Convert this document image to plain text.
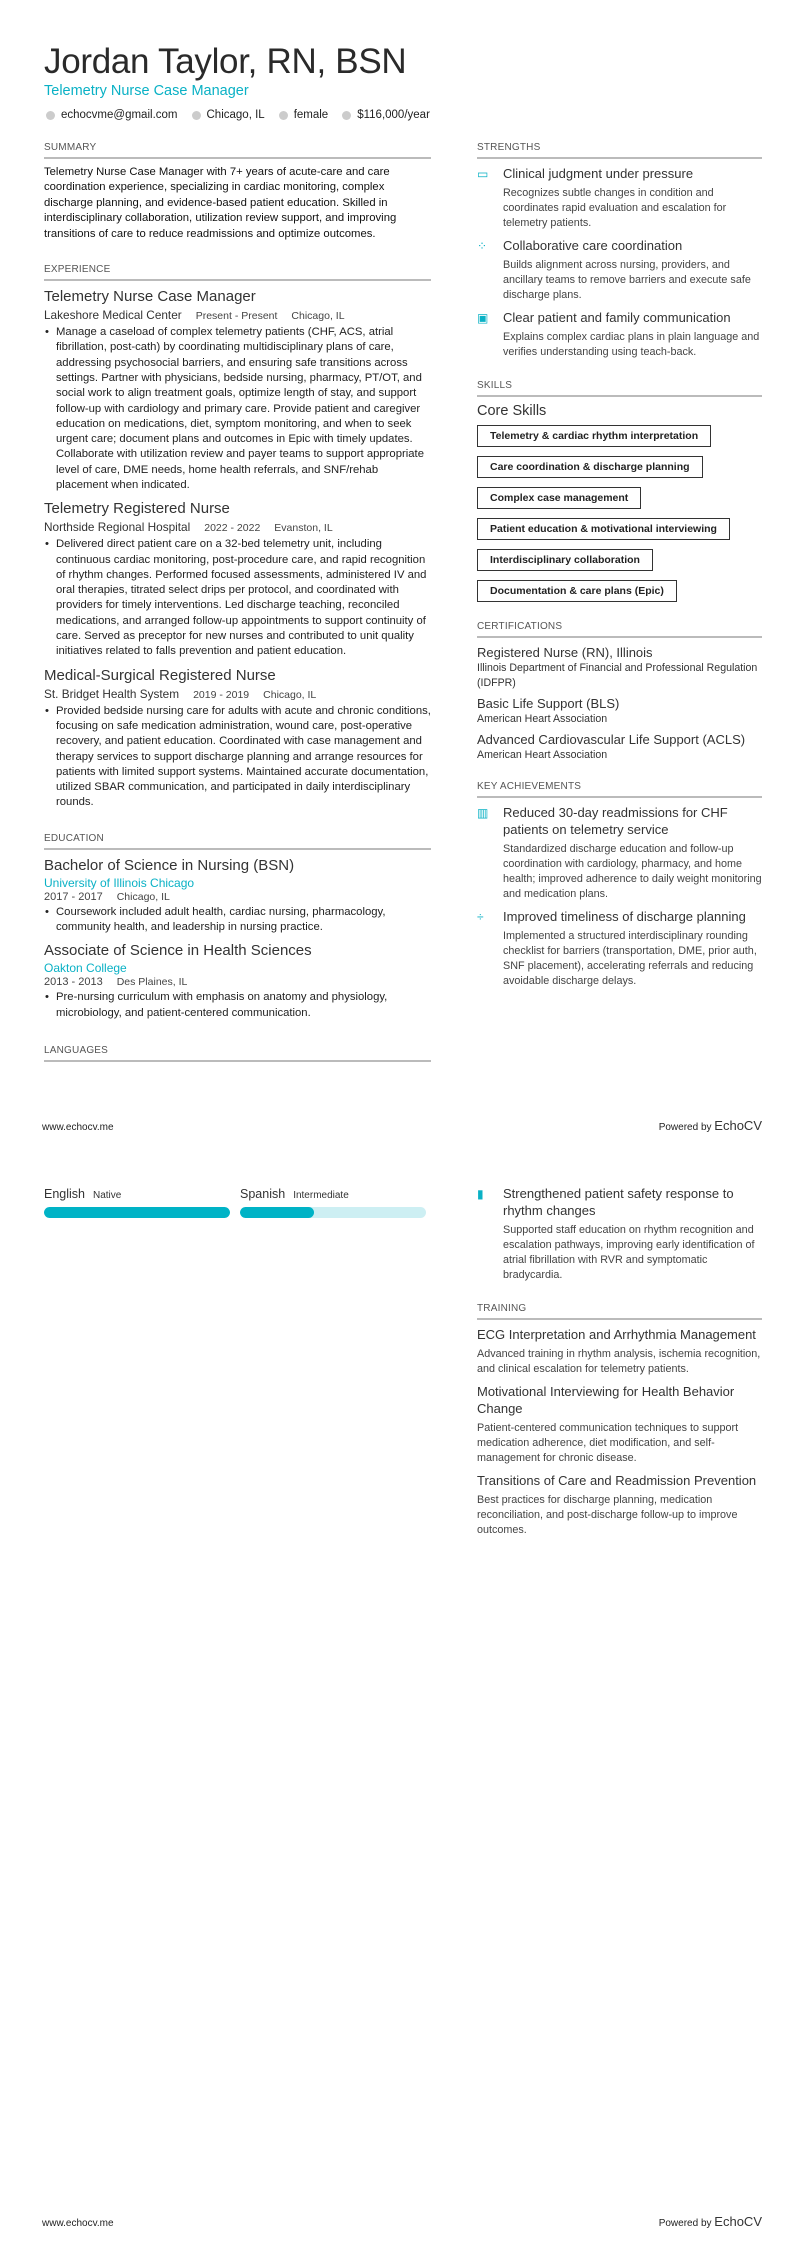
Jordan Taylor, RN, BSN
Telemetry Nurse Case Manager
echocvme@gmail.com	Chicago, IL	female	$116,000/year
SUMMARY

Telemetry Nurse Case Manager with 7+ years of acute-care and care coordination experience, specializing in cardiac monitoring, complex discharge planning, and evidence-based patient education. Skilled in interdisciplinary collaboration, utilization review support, and improving transitions of care to reduce readmissions and optimize outcomes.

EXPERIENCE
Telemetry Nurse Case Manager
Lakeshore Medical Center Present - Present Chicago, IL
• Manage a caseload of complex telemetry patients (CHF, ACS, atrial fibrillation, post-cath) by coordinating multidisciplinary plans of care, addressing psychosocial barriers, and ensuring safe transitions across settings. Partner with physicians, bedside nursing, pharmacy, PT/OT, and social work to align treatment goals, optimize length of stay, and support follow-up with cardiology and primary care. Provide patient and caregiver education on medications, diet, symptom monitoring, and when to seek urgent care; document plans and outcomes in Epic with timely updates. Collaborate with utilization review and payer teams to support appropriate level of care, DME needs, home health referrals, and SNF/rehab placement when indicated.
Telemetry Registered Nurse
Northside Regional Hospital 2022 - 2022 Evanston, IL
• Delivered direct patient care on a 32-bed telemetry unit, including continuous cardiac monitoring, post-procedure care, and rapid recognition of rhythm changes. Performed focused assessments, administered IV and oral therapies, titrated select drips per protocol, and coordinated with providers for timely interventions. Led discharge teaching, reconciled medications, and arranged follow-up appointments to support continuity of care. Served as preceptor for new nurses and contributed to unit quality initiatives related to falls prevention and patient education.
Medical-Surgical Registered Nurse
St. Bridget Health System 2019 - 2019 Chicago, IL
• Provided bedside nursing care for adults with acute and chronic conditions, focusing on safe medication administration, wound care, post-operative recovery, and patient education. Coordinated with case management and therapy services to support discharge planning and arrange resources for patients with limited support systems. Maintained accurate documentation, utilized SBAR communication, and participated in daily interdisciplinary rounds.
EDUCATION
Bachelor of Science in Nursing (BSN)
University of Illinois Chicago
2017 - 2017 Chicago, IL
• Coursework included adult health, cardiac nursing, pharmacology, community health, and leadership in nursing practice.
Associate of Science in Health Sciences
Oakton College
2013 - 2013 Des Plaines, IL
• Pre-nursing curriculum with emphasis on anatomy and physiology, microbiology, and patient-centered communication.
LANGUAGES
STRENGTHS
▭ Clinical judgment under pressure
Recognizes subtle changes in condition and coordinates rapid evaluation and escalation for telemetry patients.
⁘	Collaborative care coordination
Builds alignment across nursing, providers, and ancillary teams to remove barriers and execute safe discharge plans.
▣ Clear patient and family communication
Explains complex cardiac plans in plain language and verifies understanding using teach-back.
SKILLS
Core Skills
Telemetry & cardiac rhythm interpretation
Care coordination & discharge planning
Complex case management
Patient education & motivational interviewing
Interdisciplinary collaboration
Documentation & care plans (Epic)
CERTIFICATIONS
Registered Nurse (RN), Illinois
Illinois Department of Financial and Professional Regulation (IDFPR)
Basic Life Support (BLS)
American Heart Association
Advanced Cardiovascular Life Support (ACLS)
American Heart Association
KEY ACHIEVEMENTS
▥ Reduced 30-day readmissions for CHF patients on telemetry service
Standardized discharge education and follow-up coordination with cardiology, pharmacy, and home health; improved adherence to daily weight monitoring and medication plans.
÷	Improved timeliness of discharge planning
Implemented a structured interdisciplinary rounding checklist for barriers (transportation, DME, prior auth, SNF placement), accelerating referrals and reducing avoidable discharge delays.
www.echocv.me	Powered by EchoCV
English Native	Spanish Intermediate	▮	Strengthened patient safety response to rhythm changes
Supported staff education on rhythm recognition and escalation pathways, improving early identification of atrial fibrillation with RVR and symptomatic bradycardia.
TRAINING
ECG Interpretation and Arrhythmia Management
Advanced training in rhythm analysis, ischemia recognition, and clinical escalation for telemetry patients.
Motivational Interviewing for Health Behavior Change
Patient-centered communication techniques to support medication adherence, diet modification, and self-management for chronic disease.
Transitions of Care and Readmission Prevention
Best practices for discharge planning, medication reconciliation, and post-discharge follow-up to improve outcomes.
www.echocv.me	Powered by EchoCV
